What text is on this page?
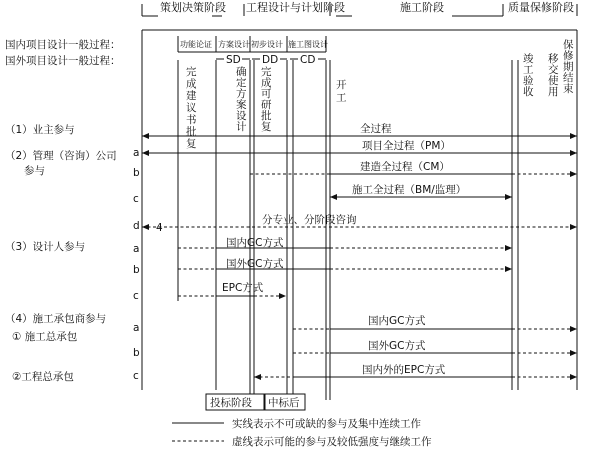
策划决策阶段 工程设计与计划阶段	施工阶段	质量保修阶段
国内项目设计一般过程：
国外项目设计一般过程：
功能论证 方案设计 初步设计 施工图设计
SD DD CD
完成建议书批复
确定方案设计
完成可研批复
开工
竣工验收
移交使用
保修期结束
（1）业主参与
（2）管理（咨询）公司
参与
（3）设计人参与
（4）施工承包商参与
① 施工总承包
②工程总承包
a
b
c
d
a
b
c
a
b
c
全过程
项目全过程（PM）
建造全过程（CM）
施工全过程（BM/监理）
分专业、分阶段咨询
4
国内GC方式
国外GC方式
EPC方式
国内GC方式
国外GC方式
国内外的EPC方式
投标阶段 中标后
实线表示不可或缺的参与及集中连续工作
虚线表示可能的参与及较低强度与继续工作
